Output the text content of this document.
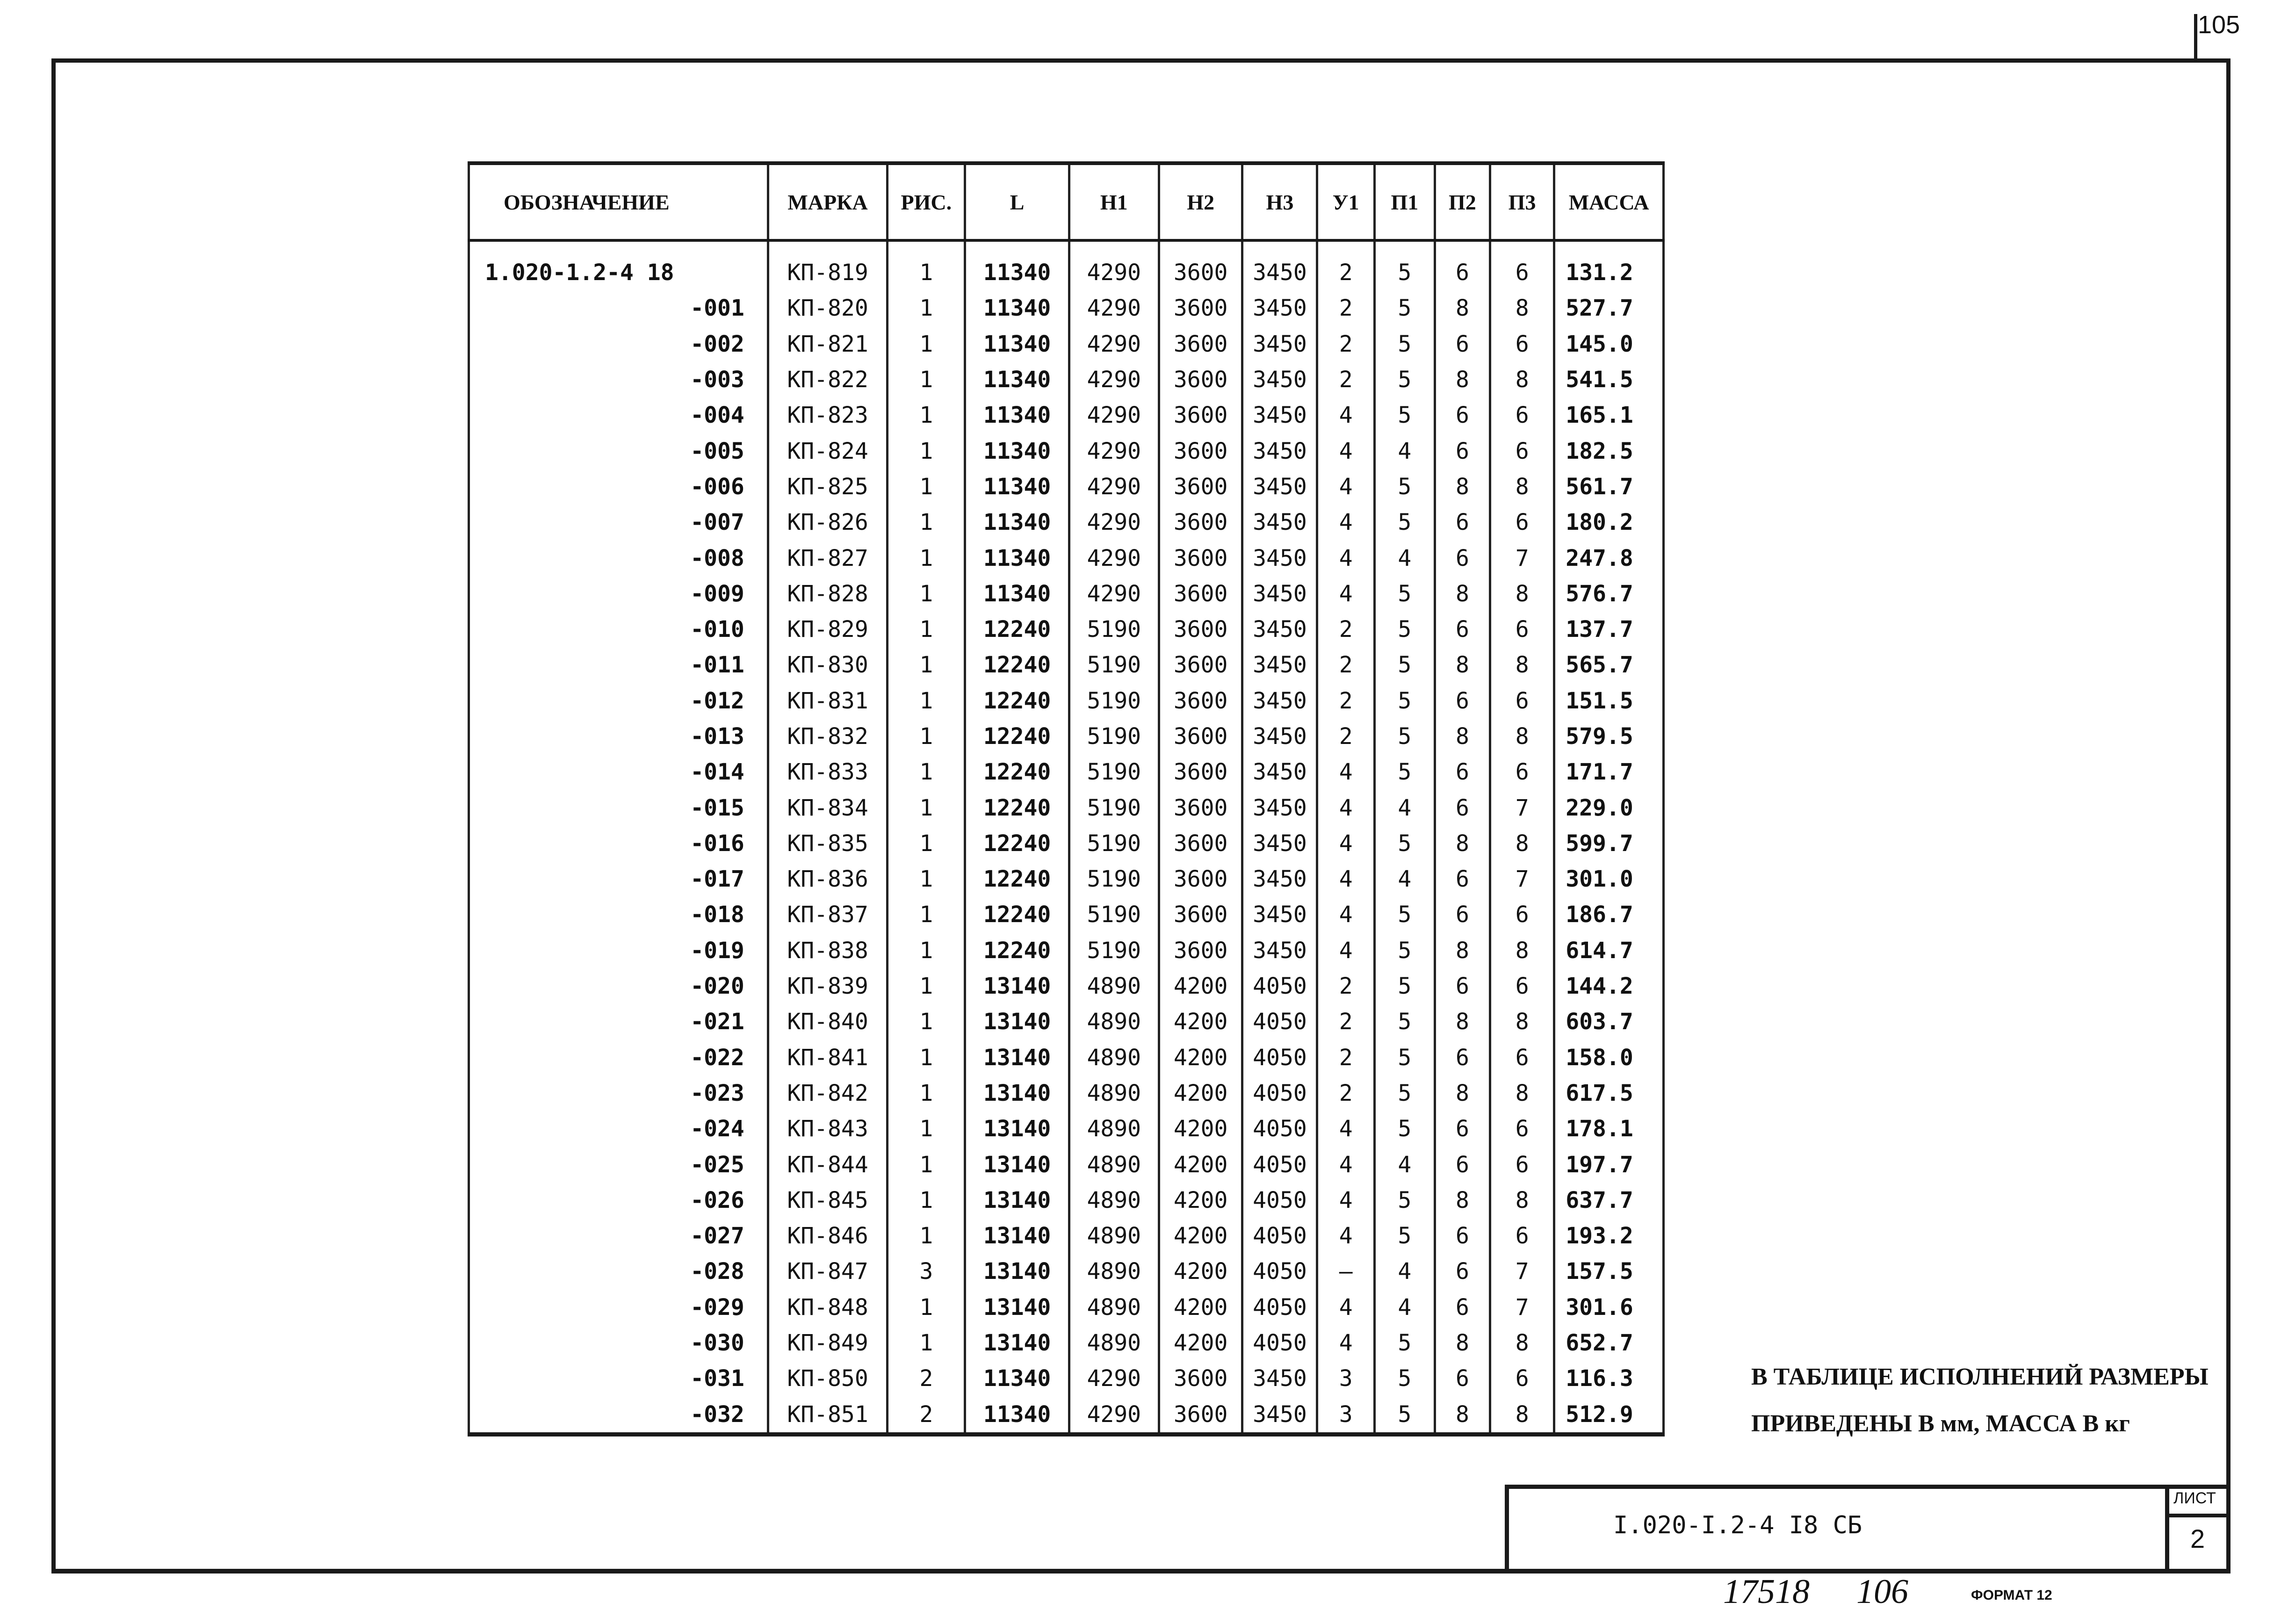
105
ОБОЗНАЧЕНИЕ	МАРКА	РИС.	L	Н1	Н2	Н3	У1	П1	П2	П3	МАССА
1.020-1.2-4 18	КП-819	1	11340	4290	3600	3450	2	5	6	6	131.2
-001	КП-820	1	11340	4290	3600	3450	2	5	8	8	527.7
-002	КП-821	1	11340	4290	3600	3450	2	5	6	6	145.0
-003	КП-822	1	11340	4290	3600	3450	2	5	8	8	541.5
-004	КП-823	1	11340	4290	3600	3450	4	5	6	6	165.1
-005	КП-824	1	11340	4290	3600	3450	4	4	6	6	182.5
-006	КП-825	1	11340	4290	3600	3450	4	5	8	8	561.7
-007	КП-826	1	11340	4290	3600	3450	4	5	6	6	180.2
-008	КП-827	1	11340	4290	3600	3450	4	4	6	7	247.8
-009	КП-828	1	11340	4290	3600	3450	4	5	8	8	576.7
-010	КП-829	1	12240	5190	3600	3450	2	5	6	6	137.7
-011	КП-830	1	12240	5190	3600	3450	2	5	8	8	565.7
-012	КП-831	1	12240	5190	3600	3450	2	5	6	6	151.5
-013	КП-832	1	12240	5190	3600	3450	2	5	8	8	579.5
-014	КП-833	1	12240	5190	3600	3450	4	5	6	6	171.7
-015	КП-834	1	12240	5190	3600	3450	4	4	6	7	229.0
-016	КП-835	1	12240	5190	3600	3450	4	5	8	8	599.7
-017	КП-836	1	12240	5190	3600	3450	4	4	6	7	301.0
-018	КП-837	1	12240	5190	3600	3450	4	5	6	6	186.7
-019	КП-838	1	12240	5190	3600	3450	4	5	8	8	614.7
-020	КП-839	1	13140	4890	4200	4050	2	5	6	6	144.2
-021	КП-840	1	13140	4890	4200	4050	2	5	8	8	603.7
-022	КП-841	1	13140	4890	4200	4050	2	5	6	6	158.0
-023	КП-842	1	13140	4890	4200	4050	2	5	8	8	617.5
-024	КП-843	1	13140	4890	4200	4050	4	5	6	6	178.1
-025	КП-844	1	13140	4890	4200	4050	4	4	6	6	197.7
-026	КП-845	1	13140	4890	4200	4050	4	5	8	8	637.7
-027	КП-846	1	13140	4890	4200	4050	4	5	6	6	193.2
-028	КП-847	3	13140	4890	4200	4050	–	4	6	7	157.5
-029	КП-848	1	13140	4890	4200	4050	4	4	6	7	301.6
-030	КП-849	1	13140	4890	4200	4050	4	5	8	8	652.7
-031	КП-850	2	11340	4290	3600	3450	3	5	6	6	116.3
-032	КП-851	2	11340	4290	3600	3450	3	5	8	8	512.9
В ТАБЛИЦЕ ИСПОЛНЕНИЙ РАЗМЕРЫ
ПРИВЕДЕНЫ В мм, МАССА В кг
I.020-I.2-4 I8 СБ
ЛИСТ
2
17518 106	ФОРМАТ 12
